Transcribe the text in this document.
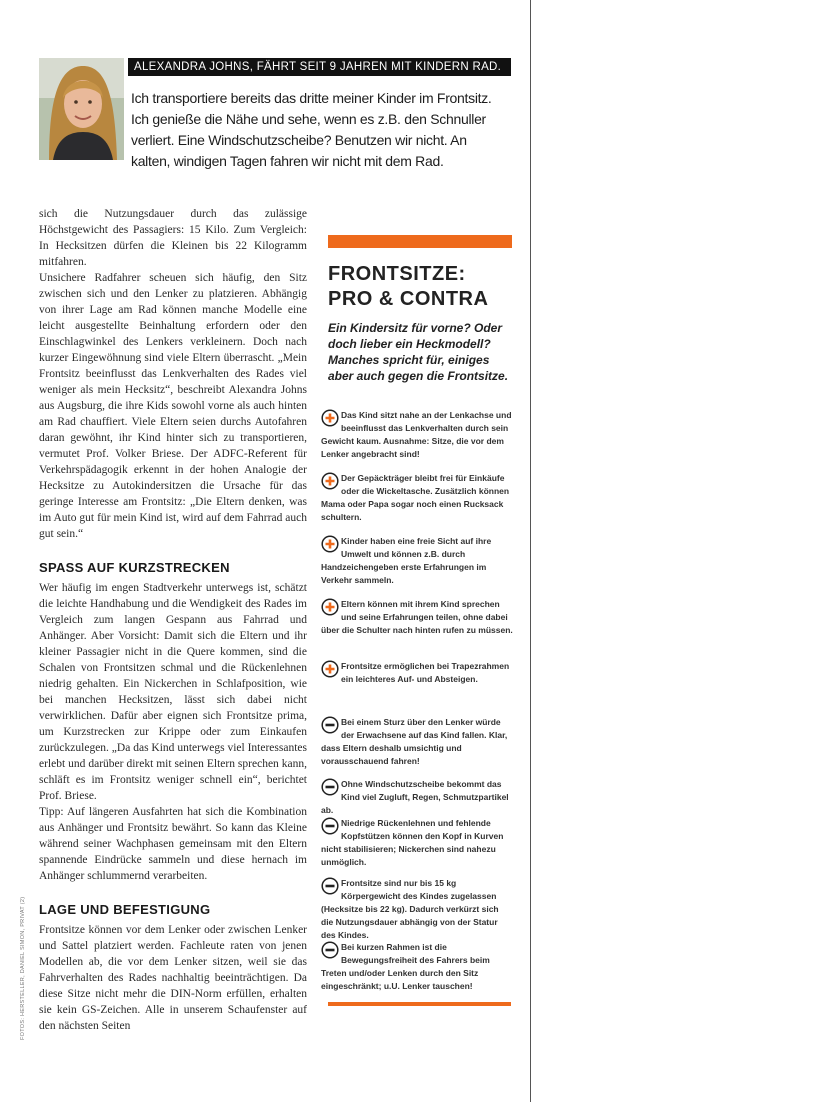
ALEXANDRA JOHNS, FÄHRT SEIT 9 JAHREN MIT KINDERN RAD.

Ich transportiere bereits das dritte meiner Kinder im Frontsitz. Ich genieße die Nähe und sehe, wenn es z.B. den Schnuller verliert. Eine Windschutzscheibe? Benutzen wir nicht. An kalten, windigen Tagen fahren wir nicht mit dem Rad.

sich die Nutzungsdauer durch das zulässige Höchstgewicht des Passagiers: 15 Kilo. Zum Vergleich: In Hecksitzen dürfen die Kleinen bis 22 Kilogramm mitfahren.

Unsichere Radfahrer scheuen sich häufig, den Sitz zwischen sich und den Lenker zu platzieren. Abhängig von ihrer Lage am Rad können manche Modelle eine leicht ausgestellte Beinhaltung erfordern oder den Einschlagwinkel des Lenkers verkleinern. Doch nach kurzer Eingewöhnung sind viele Eltern überrascht. „Mein Frontsitz beeinflusst das Lenkverhalten des Rades viel weniger als mein Hecksitz“, beschreibt Alexandra Johns aus Augsburg, die ihre Kids sowohl vorne als auch hinten am Rad chauffiert. Viele Eltern seien durchs Autofahren daran gewöhnt, ihr Kind hinter sich zu transportieren, vermutet Prof. Volker Briese. Der ADFC-Referent für Verkehrspädagogik erkennt in der hohen Analogie der Hecksitze zu Autokindersitzen die Ursache für das geringe Interesse am Frontsitz: „Die Eltern denken, was im Auto gut für mein Kind ist, wird auf dem Fahrrad auch gut sein.“

SPASS AUF KURZSTRECKEN

Wer häufig im engen Stadtverkehr unterwegs ist, schätzt die leichte Handhabung und die Wendigkeit des Rades im Vergleich zum langen Gespann aus Fahrrad und Anhänger. Aber Vorsicht: Damit sich die Eltern und ihr kleiner Passagier nicht in die Quere kommen, sind die Schalen von Frontsitzen schmal und die Rückenlehnen niedrig gehalten. Ein Nickerchen in Schlafposition, wie bei manchen Hecksitzen, lässt sich dabei nicht verwirklichen. Dafür aber eignen sich Frontsitze prima, um Kurzstrecken zur Krippe oder zum Einkaufen zurückzulegen. „Da das Kind unterwegs viel Interessantes erlebt und darüber direkt mit seinen Eltern sprechen kann, schläft es im Frontsitz weniger schnell ein“, berichtet Prof. Briese.

Tipp: Auf längeren Ausfahrten hat sich die Kombination aus Anhänger und Frontsitz bewährt. So kann das Kleine während seiner Wachphasen gemeinsam mit den Eltern spannende Eindrücke sammeln und diese hernach im Anhänger schlummernd verarbeiten.

LAGE UND BEFESTIGUNG

Frontsitze können vor dem Lenker oder zwischen Lenker und Sattel platziert werden. Fachleute raten von jenen Modellen ab, die vor dem Lenker sitzen, weil sie das Fahrverhalten des Rades nachhaltig beeinträchtigen. Da diese Sitze nicht mehr die DIN-Norm erfüllen, erhalten sie kein GS-Zeichen. Alle in unserem Schaufenster auf den nächsten Seiten

FOTOS: HERSTELLER, DANIEL SIMON, PRIVAT (2)
FRONTSITZE:
PRO & CONTRA

Ein Kindersitz für vorne? Oder doch lieber ein Heckmodell? Manches spricht für, einiges aber auch gegen die Frontsitze.

Das Kind sitzt nahe an der Lenkachse und beeinflusst das Lenkverhalten durch sein Gewicht kaum. Ausnahme: Sitze, die vor dem Lenker angebracht sind!
Der Gepäckträger bleibt frei für Einkäufe oder die Wickeltasche. Zusätzlich können Mama oder Papa sogar noch einen Rucksack schultern.
Kinder haben eine freie Sicht auf ihre Umwelt und können z.B. durch Handzeichengeben erste Erfahrungen im Verkehr sammeln.
Eltern können mit ihrem Kind sprechen und seine Erfahrungen teilen, ohne dabei über die Schulter nach hinten rufen zu müssen.
Frontsitze ermöglichen bei Trapezrahmen ein leichteres Auf- und Absteigen.
Bei einem Sturz über den Lenker würde der Erwachsene auf das Kind fallen. Klar, dass Eltern deshalb umsichtig und vorausschauend fahren!
Ohne Windschutzscheibe bekommt das Kind viel Zugluft, Regen, Schmutzpartikel ab.
Niedrige Rückenlehnen und fehlende Kopfstützen können den Kopf in Kurven nicht stabilisieren; Nickerchen sind nahezu unmöglich.
Frontsitze sind nur bis 15 kg Körpergewicht des Kindes zugelassen (Hecksitze bis 22 kg). Dadurch verkürzt sich die Nutzungsdauer abhängig von der Statur des Kindes.
Bei kurzen Rahmen ist die Bewegungsfreiheit des Fahrers beim Treten und/oder Lenken durch den Sitz eingeschränkt; u.U. Lenker tauschen!
